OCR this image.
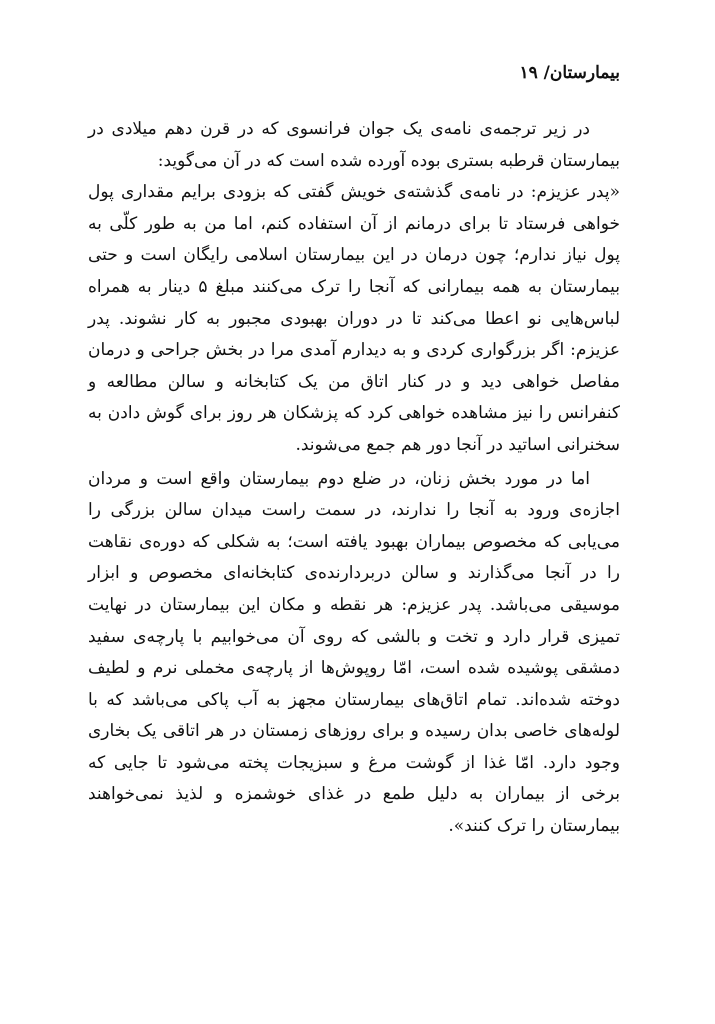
بیمارستان/ ۱۹

در زیر ترجمه‌ی نامه‌ی یک جوان فرانسوی که در قرن دهم میلادی در بیمارستان قرطبه بستری بوده آورده شده است که در آن می‌گوید:

«پدر عزیزم: در نامه‌ی گذشته‌ی خویش گفتی که بزودی برایم مقداری پول خواهی فرستاد تا برای درمانم از آن استفاده کنم، اما من به طور کلّی به پول نیاز ندارم؛ چون درمان در این بیمارستان اسلامی رایگان است و حتی بیمارستان به همه بیمارانی که آنجا را ترک می‌کنند مبلغ ۵ دینار به همراه لباس‌هایی نو اعطا می‌کند تا در دوران بهبودی مجبور به کار نشوند. پدر عزیزم: اگر بزرگواری کردی و به دیدارم آمدی مرا در بخش جراحی و درمان مفاصل خواهی دید و در کنار اتاق من یک کتابخانه و سالن مطالعه و کنفرانس را نیز مشاهده خواهی کرد که پزشکان هر روز برای گوش دادن به سخنرانی اساتید در آنجا دور هم جمع می‌شوند.

اما در مورد بخش زنان، در ضلع دوم بیمارستان واقع است و مردان اجازه‌ی ورود به آنجا را ندارند، در سمت راست میدان سالن بزرگی را می‌یابی که مخصوص بیماران بهبود یافته است؛ به شکلی که دوره‌ی نقاهت را در آنجا می‌گذارند و سالن دربردارنده‌ی کتابخانه‌ای مخصوص و ابزار موسیقی می‌باشد. پدر عزیزم: هر نقطه و مکان این بیمارستان در نهایت تمیزی قرار دارد و تخت و بالشی که روی آن می‌خوابیم با پارچه‌ی سفید دمشقی پوشیده شده است، امّا روپوش‌ها از پارچه‌ی مخملی نرم و لطیف دوخته شده‌اند. تمام اتاق‌های بیمارستان مجهز به آب پاکی می‌باشد که با لوله‌های خاصی بدان رسیده و برای روزهای زمستان در هر اتاقی یک بخاری وجود دارد. امّا غذا از گوشت مرغ و سبزیجات پخته می‌شود تا جایی که برخی از بیماران به دلیل طمع در غذای خوشمزه و لذیذ نمی‌خواهند بیمارستان را ترک کنند».
